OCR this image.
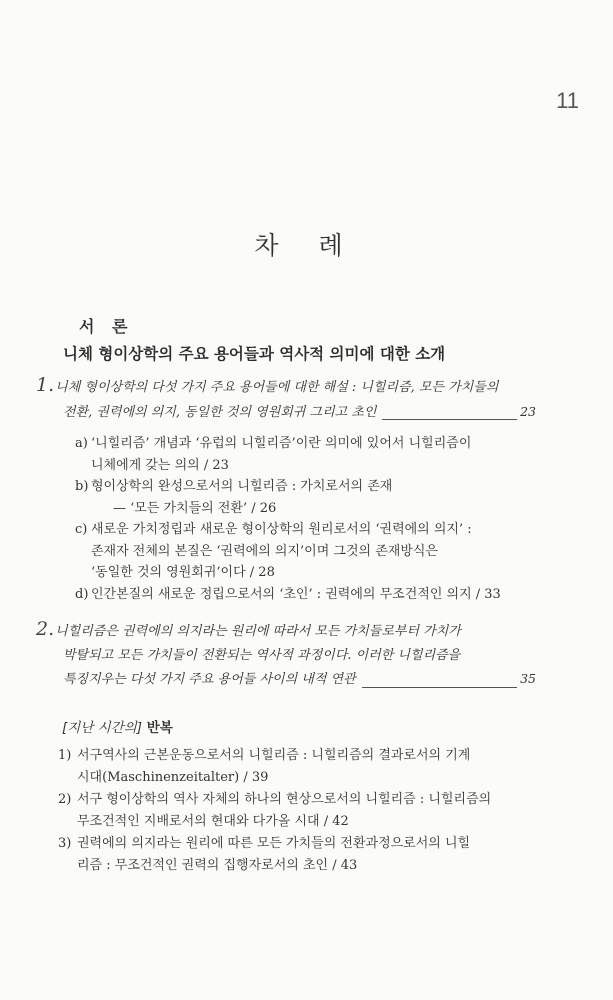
11
차 례
서 론
니체 형이상학의 주요 용어들과 역사적 의미에 대한 소개
1. 니체 형이상학의 다섯 가지 주요 용어들에 대한 해설 : 니힐리즘, 모든 가치들의
전환, 권력에의 의지, 동일한 것의 영원회귀 그리고 초인	23
a) ‘니힐리즘’ 개념과 ‘유럽의 니힐리즘’이란 의미에 있어서 니힐리즘이
니체에게 갖는 의의 / 23
b) 형이상학의 완성으로서의 니힐리즘 : 가치로서의 존재
— ‘모든 가치들의 전환’ / 26
c) 새로운 가치정립과 새로운 형이상학의 원리로서의 ‘권력에의 의지’ :
존재자 전체의 본질은 ‘권력에의 의지’이며 그것의 존재방식은
‘동일한 것의 영원회귀’이다 / 28
d) 인간본질의 새로운 정립으로서의 ‘초인’ : 권력에의 무조건적인 의지 / 33
2. 니힐리즘은 권력에의 의지라는 원리에 따라서 모든 가치들로부터 가치가
박탈되고 모든 가치들이 전환되는 역사적 과정이다. 이러한 니힐리즘을
특징지우는 다섯 가지 주요 용어들 사이의 내적 연관	35
[지난 시간의] 반복
1) 서구역사의 근본운동으로서의 니힐리즘 : 니힐리즘의 결과로서의 기계
시대(Maschinenzeitalter) / 39
2) 서구 형이상학의 역사 자체의 하나의 현상으로서의 니힐리즘 : 니힐리즘의
무조건적인 지배로서의 현대와 다가올 시대 / 42
3) 권력에의 의지라는 원리에 따른 모든 가치들의 전환과정으로서의 니힐
리즘 : 무조건적인 권력의 집행자로서의 초인 / 43
